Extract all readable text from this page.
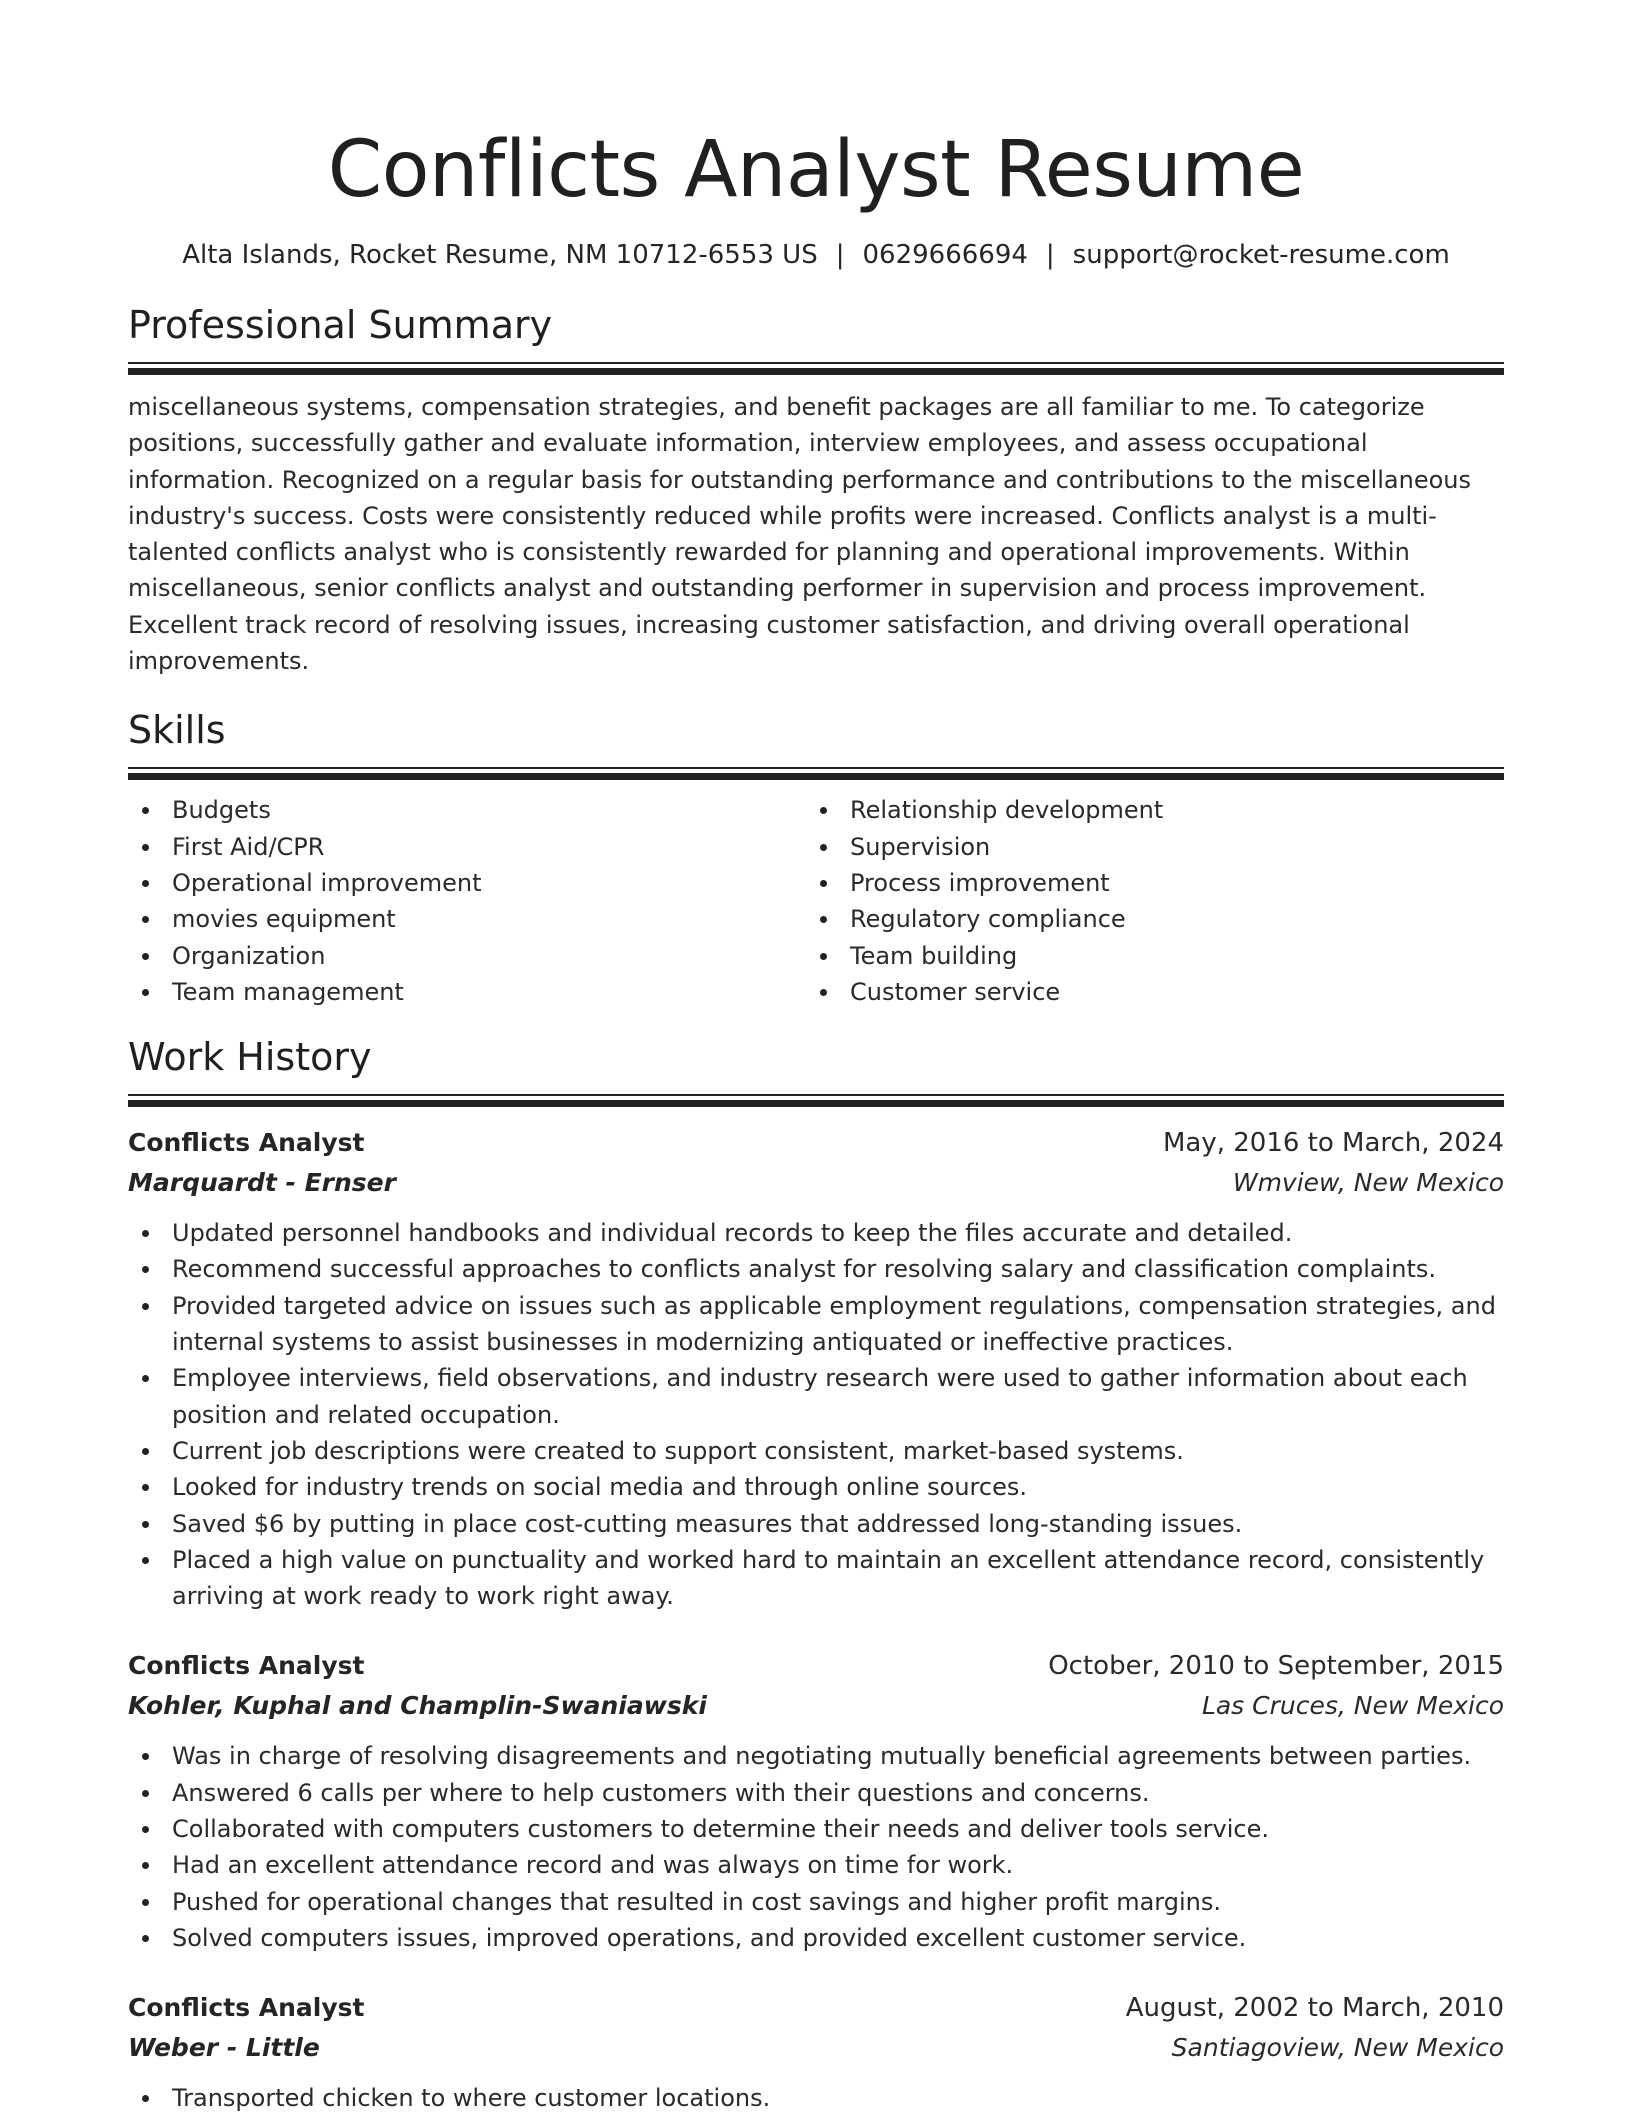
Conflicts Analyst Resume
Alta Islands, Rocket Resume, NM 10712-6553 US | 0629666694 | support@rocket-resume.com
Professional Summary

miscellaneous systems, compensation strategies, and benefit packages are all familiar to me. To categorize positions, successfully gather and evaluate information, interview employees, and assess occupational information. Recognized on a regular basis for outstanding performance and contributions to the miscellaneous industry's success. Costs were consistently reduced while profits were increased. Conflicts analyst is a multi-talented conflicts analyst who is consistently rewarded for planning and operational improvements. Within miscellaneous, senior conflicts analyst and outstanding performer in supervision and process improvement. Excellent track record of resolving issues, increasing customer satisfaction, and driving overall operational improvements.

Skills
Budgets
First Aid/CPR
Operational improvement
movies equipment
Organization
Team management
Relationship development
Supervision
Process improvement
Regulatory compliance
Team building
Customer service
Work History
Conflicts Analyst	May, 2016 to March, 2024
Marquardt - Ernser	Wmview, New Mexico
Updated personnel handbooks and individual records to keep the files accurate and detailed.
Recommend successful approaches to conflicts analyst for resolving salary and classification complaints.
Provided targeted advice on issues such as applicable employment regulations, compensation strategies, and internal systems to assist businesses in modernizing antiquated or ineffective practices.
Employee interviews, field observations, and industry research were used to gather information about each position and related occupation.
Current job descriptions were created to support consistent, market-based systems.
Looked for industry trends on social media and through online sources.
Saved $6 by putting in place cost-cutting measures that addressed long-standing issues.
Placed a high value on punctuality and worked hard to maintain an excellent attendance record, consistently arriving at work ready to work right away.
Conflicts Analyst	October, 2010 to September, 2015
Kohler, Kuphal and Champlin-Swaniawski	Las Cruces, New Mexico
Was in charge of resolving disagreements and negotiating mutually beneficial agreements between parties.
Answered 6 calls per where to help customers with their questions and concerns.
Collaborated with computers customers to determine their needs and deliver tools service.
Had an excellent attendance record and was always on time for work.
Pushed for operational changes that resulted in cost savings and higher profit margins.
Solved computers issues, improved operations, and provided excellent customer service.
Conflicts Analyst	August, 2002 to March, 2010
Weber - Little	Santiagoview, New Mexico
Transported chicken to where customer locations.
